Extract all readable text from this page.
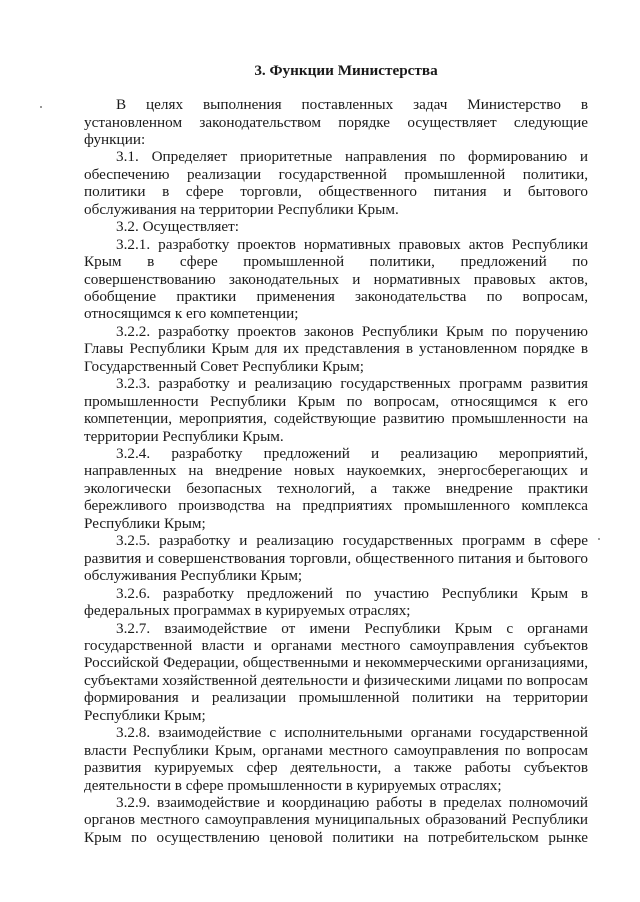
3. Функции Министерства
В целях выполнения поставленных задач Министерство в
установленном законодательством порядке осуществляет следующие
функции:
3.1. Определяет приоритетные направления по формированию и
обеспечению реализации государственной промышленной политики,
политики в сфере торговли, общественного питания и бытового
обслуживания на территории Республики Крым.
3.2. Осуществляет:
3.2.1. разработку проектов нормативных правовых актов Республики
Крым в сфере промышленной политики, предложений по
совершенствованию законодательных и нормативных правовых актов,
обобщение практики применения законодательства по вопросам,
относящимся к его компетенции;
3.2.2. разработку проектов законов Республики Крым по поручению
Главы Республики Крым для их представления в установленном порядке в
Государственный Совет Республики Крым;
3.2.3. разработку и реализацию государственных программ развития
промышленности Республики Крым по вопросам, относящимся к его
компетенции, мероприятия, содействующие развитию промышленности на
территории Республики Крым.
3.2.4. разработку предложений и реализацию мероприятий,
направленных на внедрение новых наукоемких, энергосберегающих и
экологически безопасных технологий, а также внедрение практики
бережливого производства на предприятиях промышленного комплекса
Республики Крым;
3.2.5. разработку и реализацию государственных программ в сфере
развития и совершенствования торговли, общественного питания и бытового
обслуживания Республики Крым;
3.2.6. разработку предложений по участию Республики Крым в
федеральных программах в курируемых отраслях;
3.2.7. взаимодействие от имени Республики Крым с органами
государственной власти и органами местного самоуправления субъектов
Российской Федерации, общественными и некоммерческими организациями,
субъектами хозяйственной деятельности и физическими лицами по вопросам
формирования и реализации промышленной политики на территории
Республики Крым;
3.2.8. взаимодействие с исполнительными органами государственной
власти Республики Крым, органами местного самоуправления по вопросам
развития курируемых сфер деятельности, а также работы субъектов
деятельности в сфере промышленности в курируемых отраслях;
3.2.9. взаимодействие и координацию работы в пределах полномочий
органов местного самоуправления муниципальных образований Республики
Крым по осуществлению ценовой политики на потребительском рынке
